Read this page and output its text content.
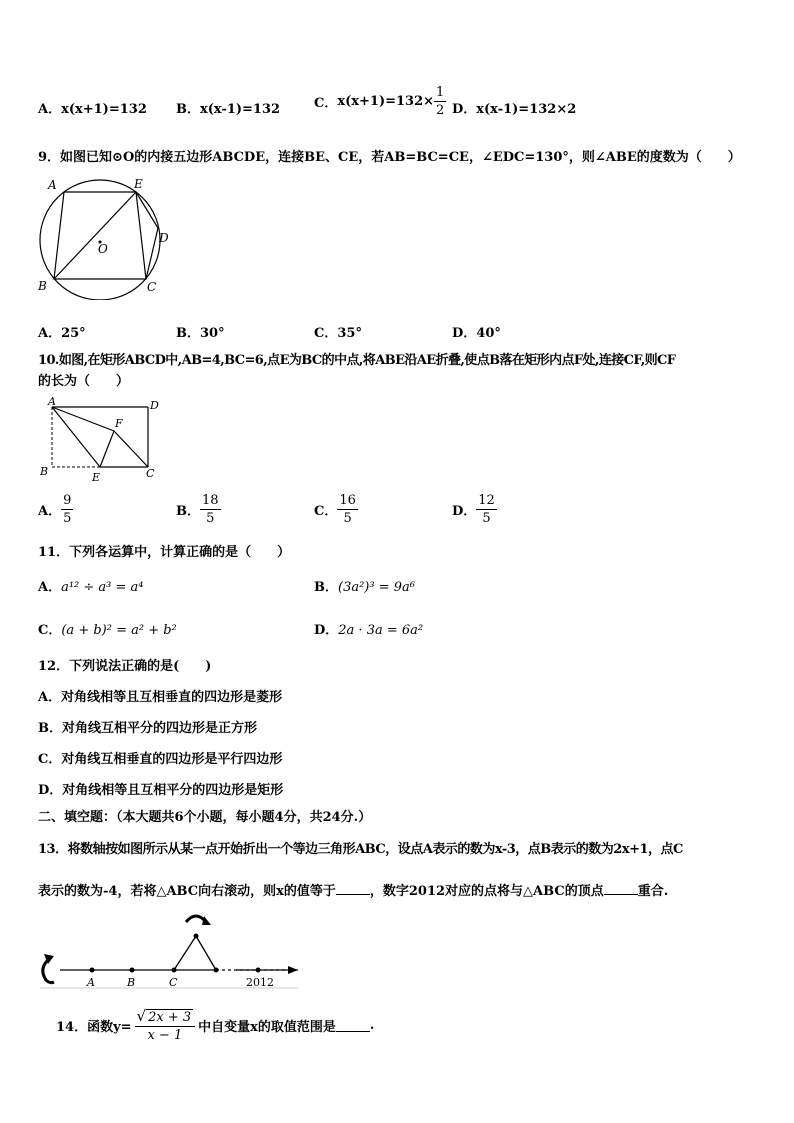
A．x(x+1)=132 B．x(x-1)=132	C．$x(x+1)=132\times \frac{1}{2}$ D．x(x-1)=132×2
9．如图已知⊙O的内接五边形ABCDE，连接BE、CE，若AB=BC=CE，∠EDC=130°，则∠ABE的度数为（　　）
A	E
D
O
B	C
A．25°	B．30°	C．35°	D．40°
10.如图,在矩形ABCD中,AB=4,BC=6,点E为BC的中点,将ABE沿AE折叠,使点B落在矩形内点F处,连接CF,则CF
的长为（　　）
A	D
F
B	E	C
A． $\frac{9}{5}$	B． $\frac{18}{5}$	C． $\frac{16}{5}$	D． $\frac{12}{5}$
11．下列各运算中，计算正确的是（　　）
A．a¹² ÷ a³ = a⁴	B．(3a²)³ = 9a⁶
C．(a + b)² = a² + b²	D．2a · 3a = 6a²
12．下列说法正确的是(　　)
A．对角线相等且互相垂直的四边形是菱形
B．对角线互相平分的四边形是正方形
C．对角线互相垂直的四边形是平行四边形
D．对角线相等且互相平分的四边形是矩形
二、填空题：（本大题共6个小题，每小题4分，共24分.）
13．将数轴按如图所示从某一点开始折出一个等边三角形ABC，设点A表示的数为x-3，点B表示的数为2x+1，点C
表示的数为-4，若将△ABC向右滚动，则x的值等于	，数字2012对应的点将与△ABC的顶点	重合.
A	B	C	2012
14．函数$y= \frac{√ 2x + 3}{x - 1}$ 中自变量x的取值范围是	.
